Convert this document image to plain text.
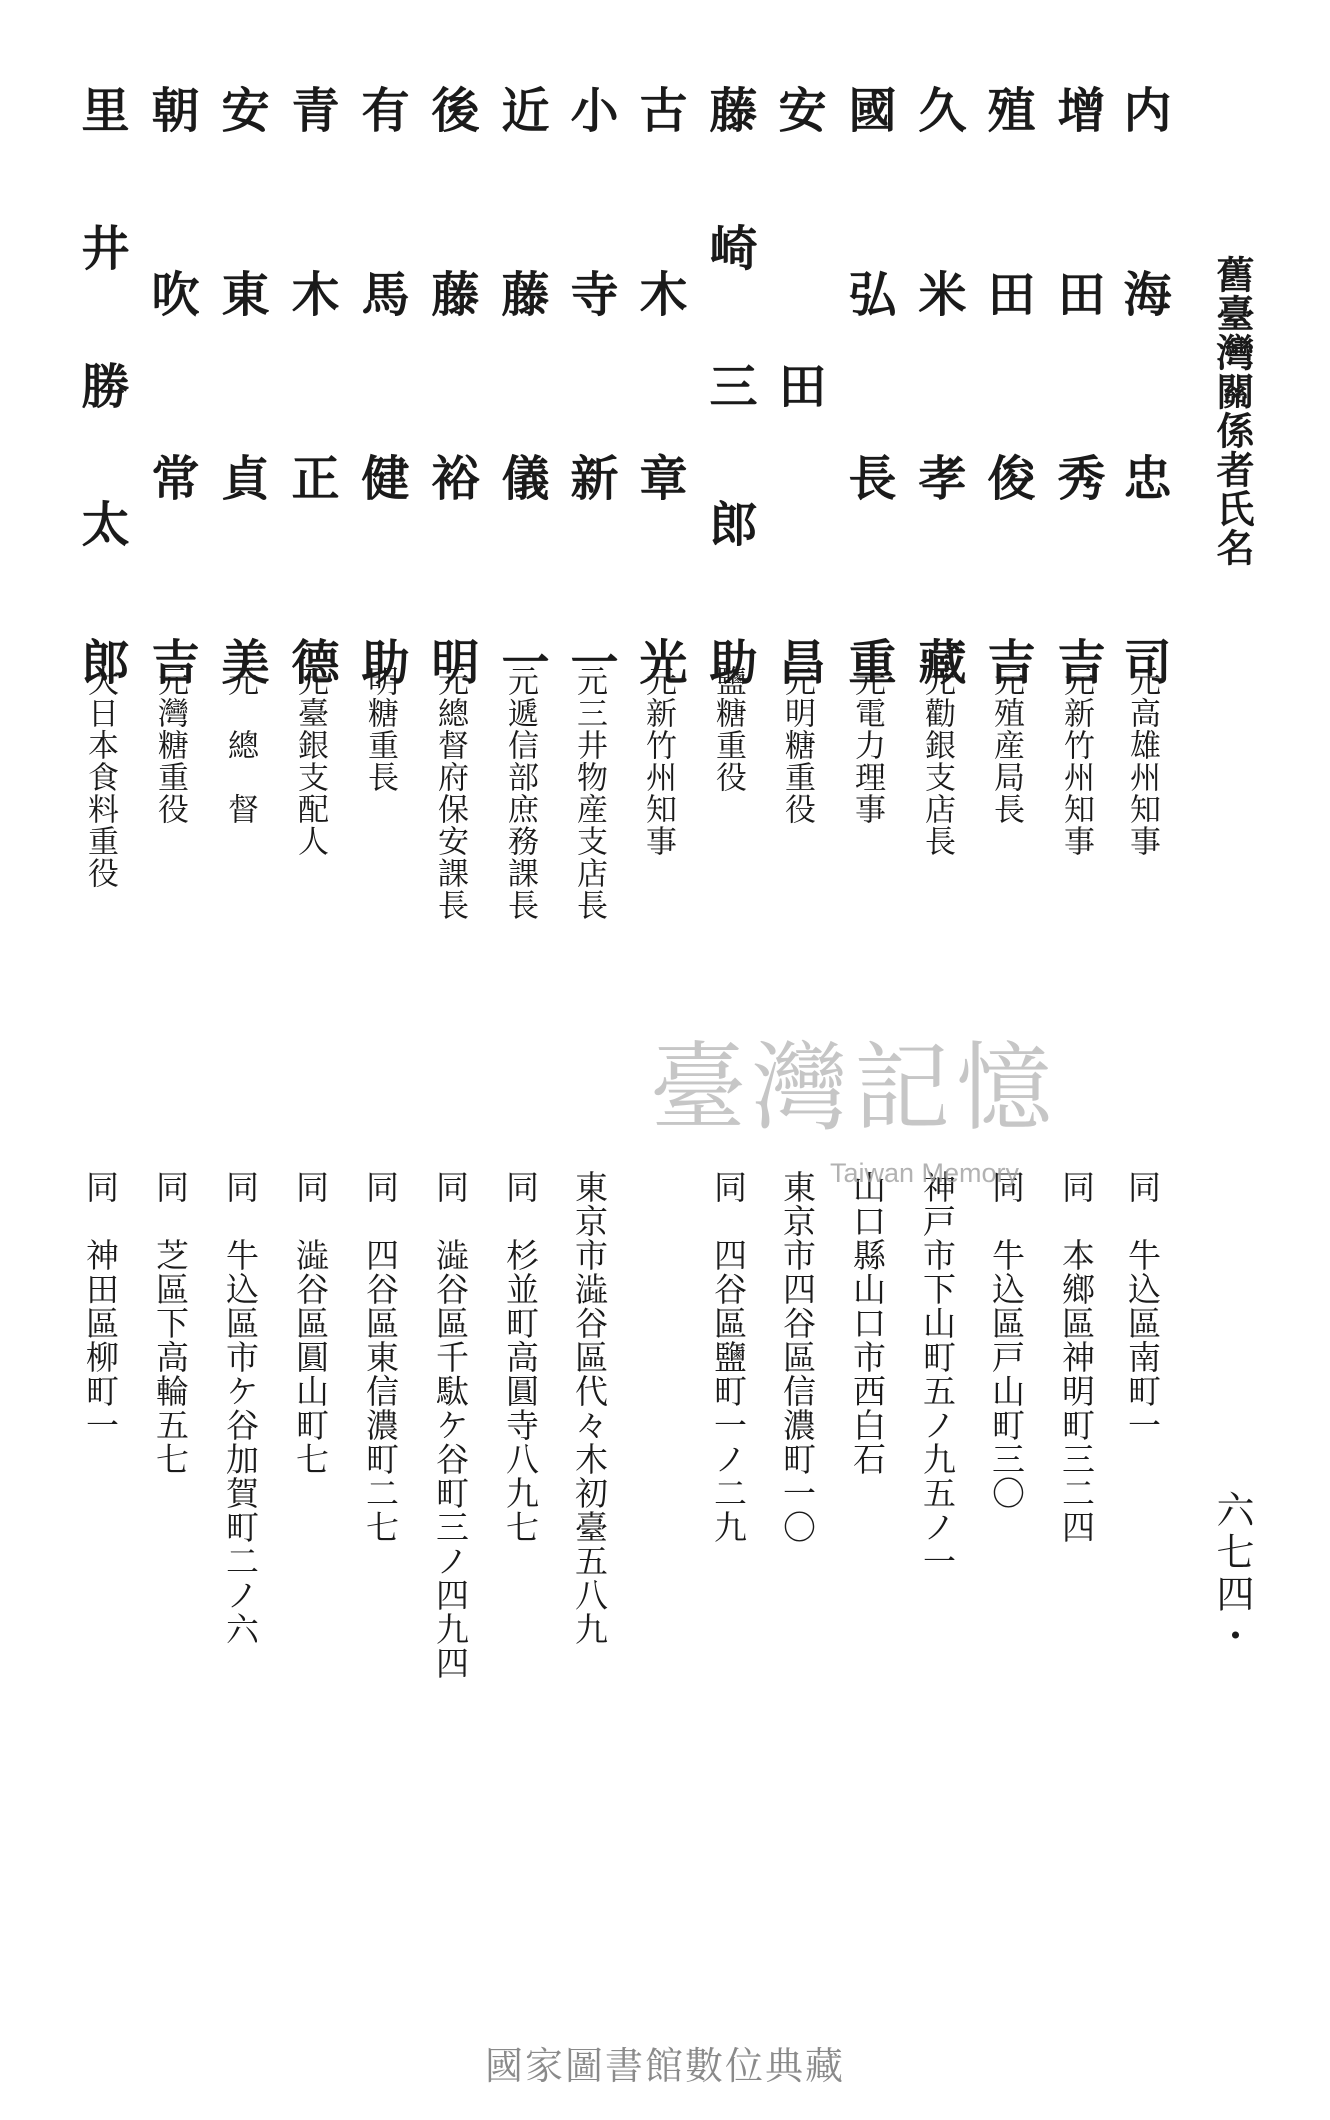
舊臺灣關係者氏名
六七四・
内海忠司
元高雄州知事
同　牛込區南町一
增田秀吉
元新竹州知事
同　本鄉區神明町三二四
殖田俊吉
元殖産局長
同　牛込區戸山町三〇
久米孝藏
元勸銀支店長
神戸市下山町五ノ九五ノ一
國弘長重
元電力理事
山口縣山口市西白石
安田昌
元明糖重役
東京市四谷區信濃町一〇
藤崎三郎助
鹽糖重役
同　四谷區鹽町一ノ二九
古木章光
元新竹州知事
小寺新一
元三井物産支店長
東京市澁谷區代々木初臺五八九
近藤儀一
元遞信部庶務課長
同　杉並町高圓寺八九七
後藤裕明
元總督府保安課長
同　澁谷區千駄ケ谷町三ノ四九四
有馬健助
明糖重長
同　四谷區東信濃町二七
青木正德
元臺銀支配人
同　澁谷區圓山町七
安東貞美
元　總　督
同　牛込區市ケ谷加賀町二ノ六
朝吹常吉
元灣糖重役
同　芝區下高輪五七
里井勝太郎
大日本食料重役
同　神田區柳町一
臺灣記憶
Taiwan Memory
國家圖書館數位典藏
